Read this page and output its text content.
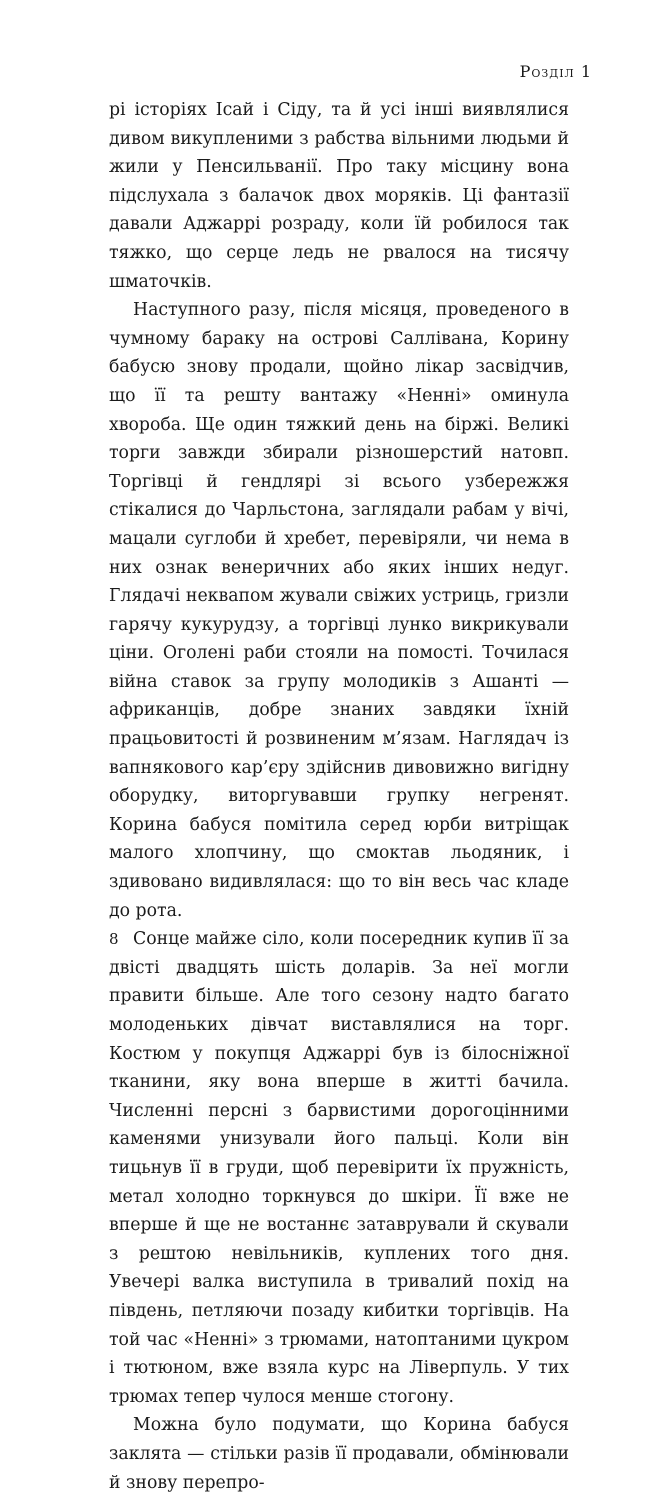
Розділ 1

рі історіях Ісай і Сіду, та й усі інші виявлялися дивом викупленими з рабства вільними людьми й жили у Пенсильванії. Про таку місцину вона підслухала з балачок двох моряків. Ці фантазії давали Аджаррі розраду, коли їй робилося так тяжко, що серце ледь не рвалося на тисячу шматочків.

Наступного разу, після місяця, проведеного в чумному бараку на острові Салліванa, Корину бабусю знову продали, щойно лікар засвідчив, що її та решту вантажу «Ненні» оминула хвороба. Ще один тяжкий день на біржі. Великі торги завжди збирали різношерстий натовп. Торгівці й гендлярі зі всього узбережжя стікалися до Чарльстона, заглядали рабам у вічі, мацали суглоби й хребет, перевіряли, чи нема в них ознак венеричних або яких інших недуг. Глядачі неквапом жували свіжих устриць, гризли гарячу кукурудзу, а торгівці лунко викрикували ціни. Оголені раби стояли на помості. Точилася війна ставок за групу молодиків з Ашанті — африканців, добре знаних завдяки їхній працьовитості й розвиненим м’язам. Наглядач із вапнякового кар’єру здійснив дивовижно вигідну оборудку, виторгувавши групку негренят. Корина бабуся помітила серед юрби витріщак малого хлопчину, що смоктав льодяник, і здивовано видивлялася: що то він весь час кладе до рота.

Сонце майже сіло, коли посередник купив її за двісті двадцять шість доларів. За неї могли правити більше. Але того сезону надто багато молоденьких дівчат виставлялися на торг. Костюм у покупця Аджаррі був із білосніжної тканини, яку вона вперше в житті бачила. Численні персні з барвистими дорогоцінними каменями унизували його пальці. Коли він тицьнув її в груди, щоб перевірити їх пружність, метал холодно торкнувся до шкіри. Її вже не вперше й ще не востаннє затаврували й скували з рештою невільників, куплених того дня. Увечері валка виступила в тривалий похід на південь, петляючи позаду кибитки торгівців. На той час «Ненні» з трюмами, натоптаними цукром і тютюном, вже взяла курс на Ліверпуль. У тих трюмах тепер чулося менше стогону.

Можна було подумати, що Корина бабуся заклята — стільки разів її продавали, обмінювали й знову перепро-

8
